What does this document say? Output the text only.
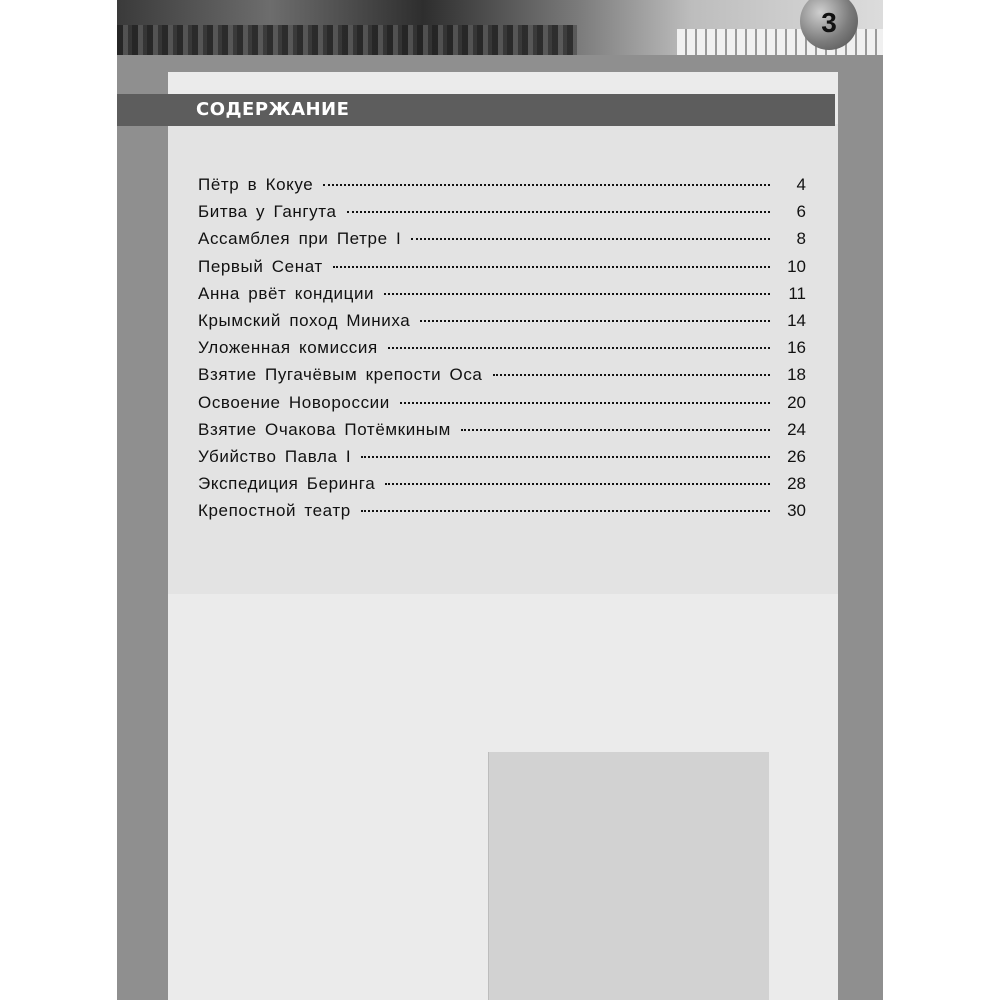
3
СОДЕРЖАНИЕ
Пётр в Кокуе	4
Битва у Гангута	6
Ассамблея при Петре I	8
Первый Сенат	10
Анна рвёт кондиции	11
Крымский поход Миниха	14
Уложенная комиссия	16
Взятие Пугачёвым крепости Оса	18
Освоение Новороссии	20
Взятие Очакова Потёмкиным	24
Убийство Павла I	26
Экспедиция Беринга	28
Крепостной театр	30
